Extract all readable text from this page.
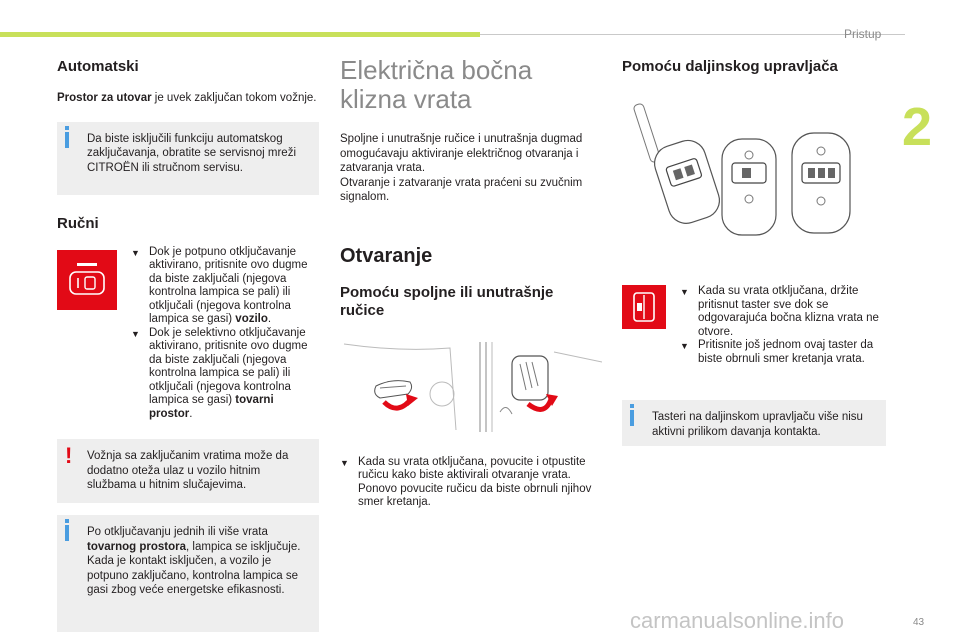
Pristup
2
Automatski

Prostor za utovar je uvek zaključan tokom vožnje.

Da biste isključili funkciju automatskog zaključavanja, obratite se servisnoj mreži CITROËN ili stručnom servisu.
Ručni
▼ Dok je potpuno otključavanje aktivirano, pritisnite ovo dugme da biste zaključali (njegova kontrolna lampica se pali) ili otključali (njegova kontrolna lampica se gasi) vozilo.
▼ Dok je selektivno otključavanje aktivirano, pritisnite ovo dugme da biste zaključali (njegova kontrolna lampica se pali) ili otključali (njegova kontrolna lampica se gasi) tovarni prostor.
! Vožnja sa zaključanim vratima može da dodatno oteža ulaz u vozilo hitnim službama u hitnim slučajevima.
Po otključavanju jednih ili više vrata tovarnog prostora, lampica se isključuje. Kada je kontakt isključen, a vozilo je potpuno zaključano, kontrolna lampica se gasi zbog veće energetske efikasnosti.
Električna bočna klizna vrata

Spoljne i unutrašnje ručice i unutrašnja dugmad omogućavaju aktiviranje električnog otvaranja i zatvaranja vrata.

Otvaranje i zatvaranje vrata praćeni su zvučnim signalom.

Otvaranje
Pomoću spoljne ili unutrašnje ručice
▼ Kada su vrata otključana, povucite i otpustite ručicu kako biste aktivirali otvaranje vrata. Ponovo povucite ručicu da biste obrnuli njihov smer kretanja.
Pomoću daljinskog upravljača
▼ Kada su vrata otključana, držite pritisnut taster sve dok se odgovarajuća bočna klizna vrata ne otvore.
▼ Pritisnite još jednom ovaj taster da biste obrnuli smer kretanja vrata.
Tasteri na daljinskom upravljaču više nisu aktivni prilikom davanja kontakta.
carmanualsonline.info	43
